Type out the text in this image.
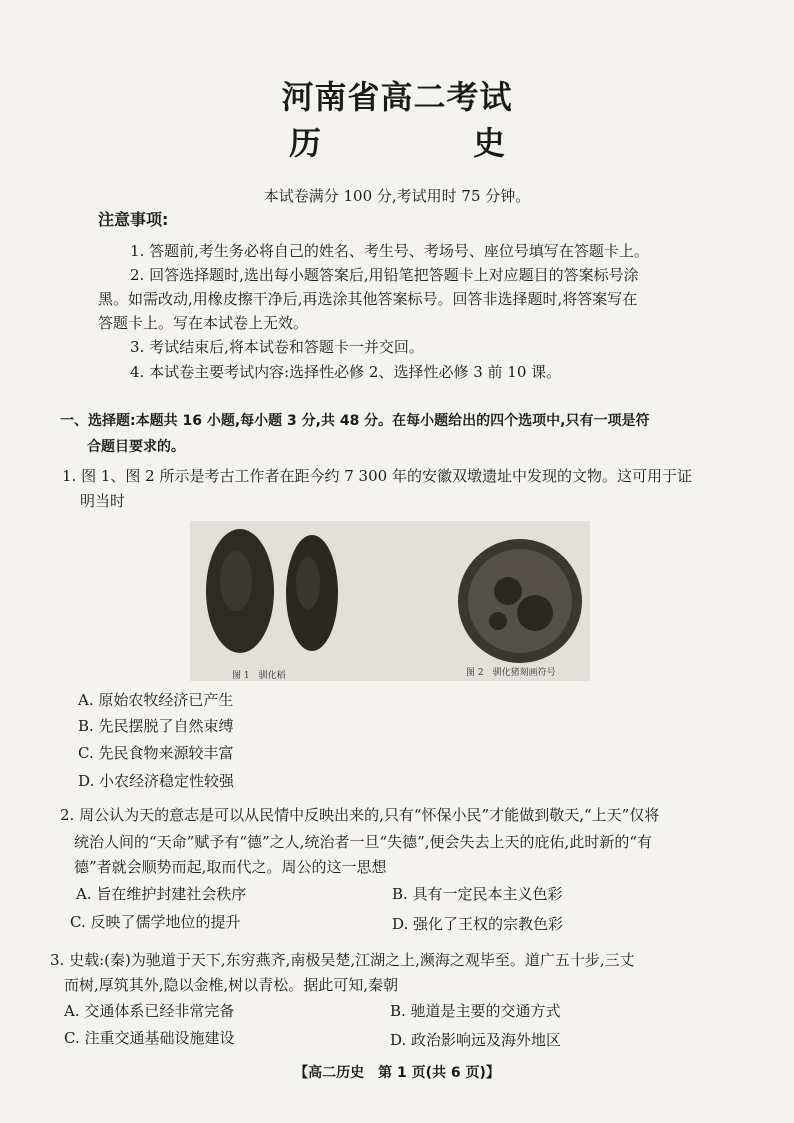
河南省高二考试
历　史
本试卷满分 100 分,考试用时 75 分钟。
注意事项:
1. 答题前,考生务必将自己的姓名、考生号、考场号、座位号填写在答题卡上。
2. 回答选择题时,选出每小题答案后,用铅笔把答题卡上对应题目的答案标号涂
黑。如需改动,用橡皮擦干净后,再选涂其他答案标号。回答非选择题时,将答案写在
答题卡上。写在本试卷上无效。
3. 考试结束后,将本试卷和答题卡一并交回。
4. 本试卷主要考试内容:选择性必修 2、选择性必修 3 前 10 课。
一、选择题:本题共 16 小题,每小题 3 分,共 48 分。在每小题给出的四个选项中,只有一项是符
合题目要求的。
1. 图 1、图 2 所示是考古工作者在距今约 7 300 年的安徽双墩遗址中发现的文物。这可用于证
明当时
图 1　驯化稻	图 2　驯化猪刻画符号
A. 原始农牧经济已产生
B. 先民摆脱了自然束缚
C. 先民食物来源较丰富
D. 小农经济稳定性较强
2. 周公认为天的意志是可以从民情中反映出来的,只有“怀保小民”才能做到敬天,“上天”仅将
统治人间的“天命”赋予有“德”之人,统治者一旦“失德”,便会失去上天的庇佑,此时新的“有
德”者就会顺势而起,取而代之。周公的这一思想
A. 旨在维护封建社会秩序	B. 具有一定民本主义色彩
C. 反映了儒学地位的提升	D. 强化了王权的宗教色彩
3. 史载:(秦)为驰道于天下,东穷燕齐,南极吴楚,江湖之上,濒海之观毕至。道广五十步,三丈
而树,厚筑其外,隐以金椎,树以青松。据此可知,秦朝
A. 交通体系已经非常完备	B. 驰道是主要的交通方式
C. 注重交通基础设施建设	D. 政治影响远及海外地区
【高二历史　第 1 页(共 6 页)】
